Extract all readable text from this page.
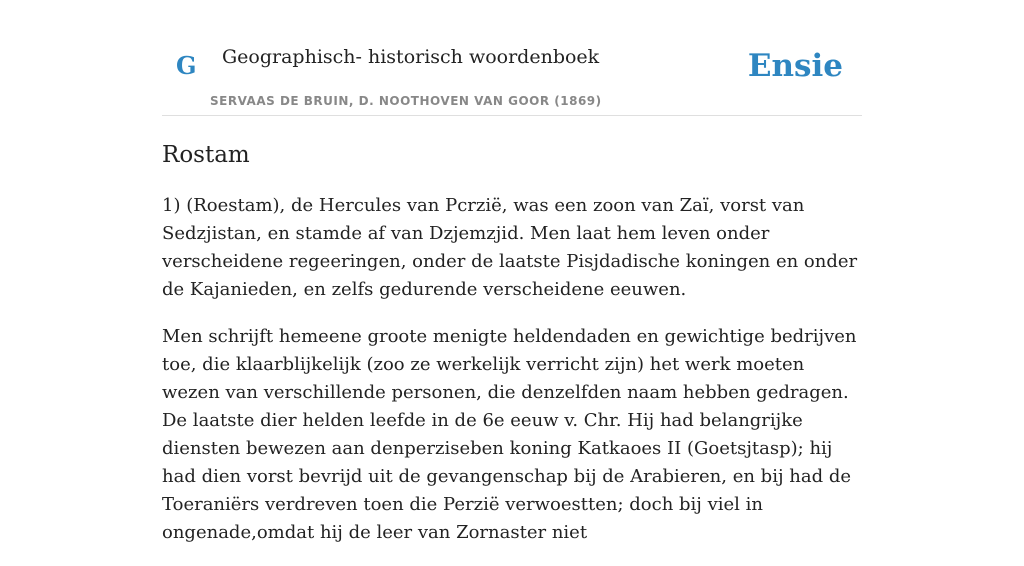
G Geographisch- historisch woordenboek
SERVAAS DE BRUIN, D. NOOTHOVEN VAN GOOR (1869)
Ensie
Rostam

1) (Roestam), de Hercules van Pcrzië, was een zoon van Zaï, vorst van Sedzjistan, en stamde af van Dzjemzjid. Men laat hem leven onder verscheidene regeeringen, onder de laatste Pisjdadische koningen en onder de Kajanieden, en zelfs gedurende verscheidene eeuwen.

Men schrijft hemeene groote menigte heldendaden en gewichtige bedrijven toe, die klaarblijkelijk (zoo ze werkelijk verricht zijn) het werk moeten wezen van verschillende personen, die denzelfden naam hebben gedragen. De laatste dier helden leefde in de 6e eeuw v. Chr. Hij had belangrijke diensten bewezen aan denperziseben koning Katkaoes II (Goetsjtasp); hij had dien vorst bevrijd uit de gevangenschap bij de Arabieren, en bij had de Toeraniërs verdreven toen die Perzië verwoestten; doch bij viel in ongenade,omdat hij de leer van Zornaster niet
